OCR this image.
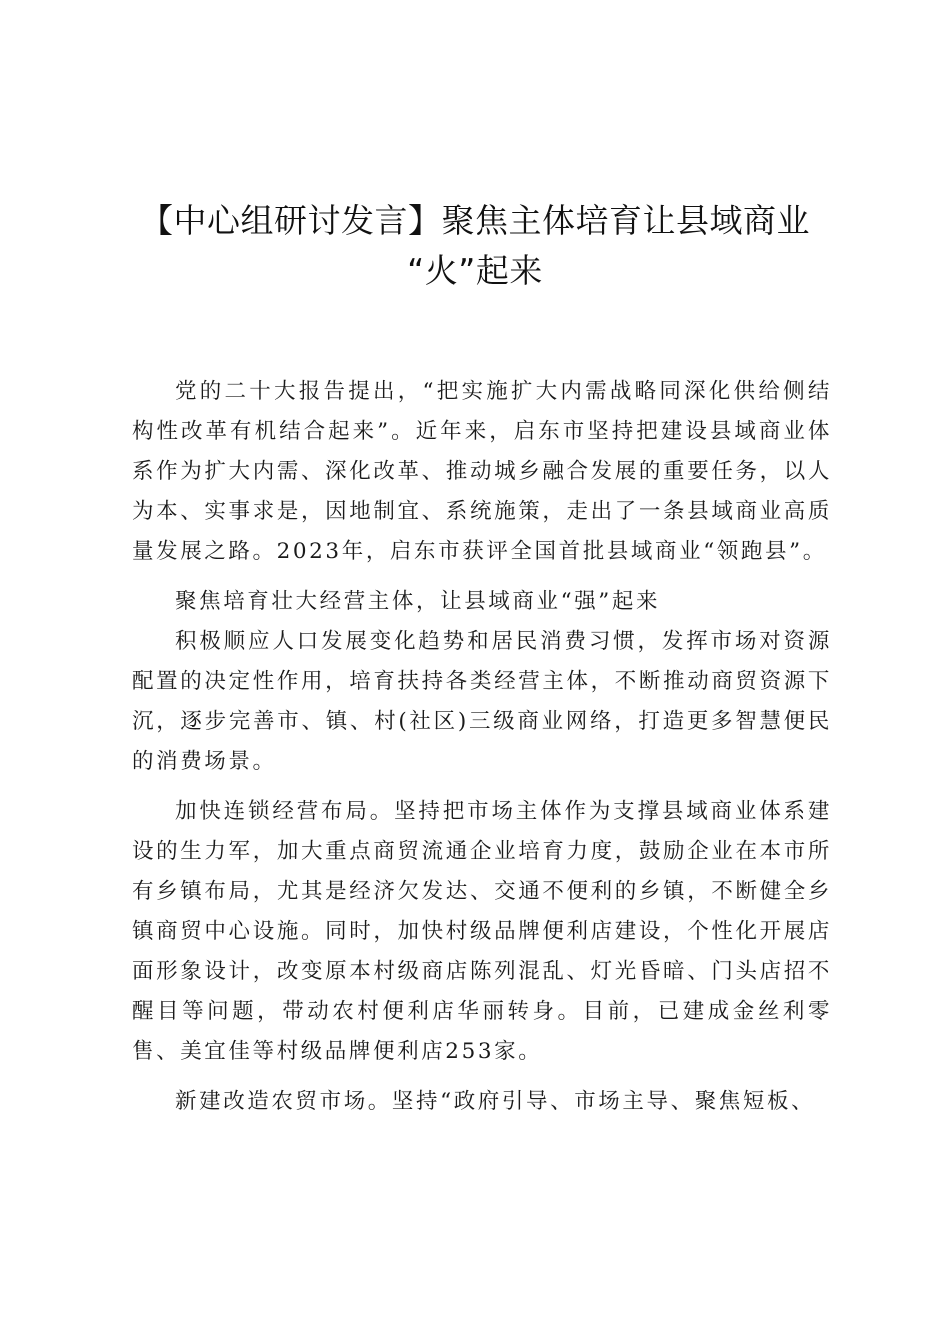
【中心组研讨发言】聚焦主体培育让县域商业
“火”起来

党的二十大报告提出，“把实施扩大内需战略同深化供给侧结构性改革有机结合起来”。近年来，启东市坚持把建设县域商业体系作为扩大内需、深化改革、推动城乡融合发展的重要任务，以人为本、实事求是，因地制宜、系统施策，走出了一条县域商业高质量发展之路。2023年，启东市获评全国首批县域商业“领跑县”。

聚焦培育壮大经营主体，让县域商业“强”起来

积极顺应人口发展变化趋势和居民消费习惯，发挥市场对资源配置的决定性作用，培育扶持各类经营主体，不断推动商贸资源下沉，逐步完善市、镇、村(社区)三级商业网络，打造更多智慧便民的消费场景。

加快连锁经营布局。坚持把市场主体作为支撑县域商业体系建设的生力军，加大重点商贸流通企业培育力度，鼓励企业在本市所有乡镇布局，尤其是经济欠发达、交通不便利的乡镇，不断健全乡镇商贸中心设施。同时，加快村级品牌便利店建设，个性化开展店面形象设计，改变原本村级商店陈列混乱、灯光昏暗、门头店招不醒目等问题，带动农村便利店华丽转身。目前，已建成金丝利零售、美宜佳等村级品牌便利店253家。

新建改造农贸市场。坚持“政府引导、市场主导、聚焦短板、
